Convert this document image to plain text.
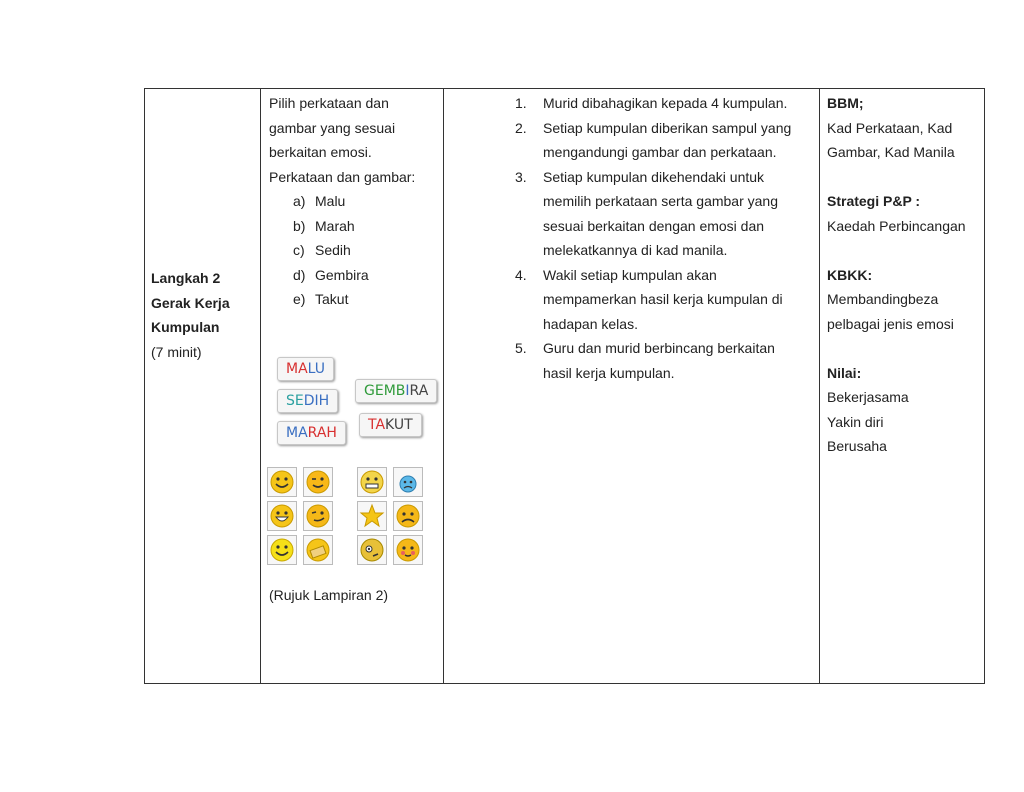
Langkah 2
Gerak Kerja
Kumpulan
(7 minit)
Pilih perkataan dan
gambar yang sesuai
berkaitan emosi.
Perkataan dan gambar:
a) Malu
b) Marah
c) Sedih
d) Gembira
e) Takut
MALU
SEDIH
MARAH
GEMBIRA
TAKUT
(Rujuk Lampiran 2)
1. Murid dibahagikan kepada 4 kumpulan.
2. Setiap kumpulan diberikan sampul yang
mengandungi gambar dan perkataan.
3. Setiap kumpulan dikehendaki untuk
memilih perkataan serta gambar yang
sesuai berkaitan dengan emosi dan
melekatkannya di kad manila.
4. Wakil setiap kumpulan akan
mempamerkan hasil kerja kumpulan di
hadapan kelas.
5. Guru dan murid berbincang berkaitan
hasil kerja kumpulan.
BBM;
Kad Perkataan, Kad
Gambar, Kad Manila
Strategi P&P :
Kaedah Perbincangan
KBKK:
Membandingbeza
pelbagai jenis emosi
Nilai:
Bekerjasama
Yakin diri
Berusaha
